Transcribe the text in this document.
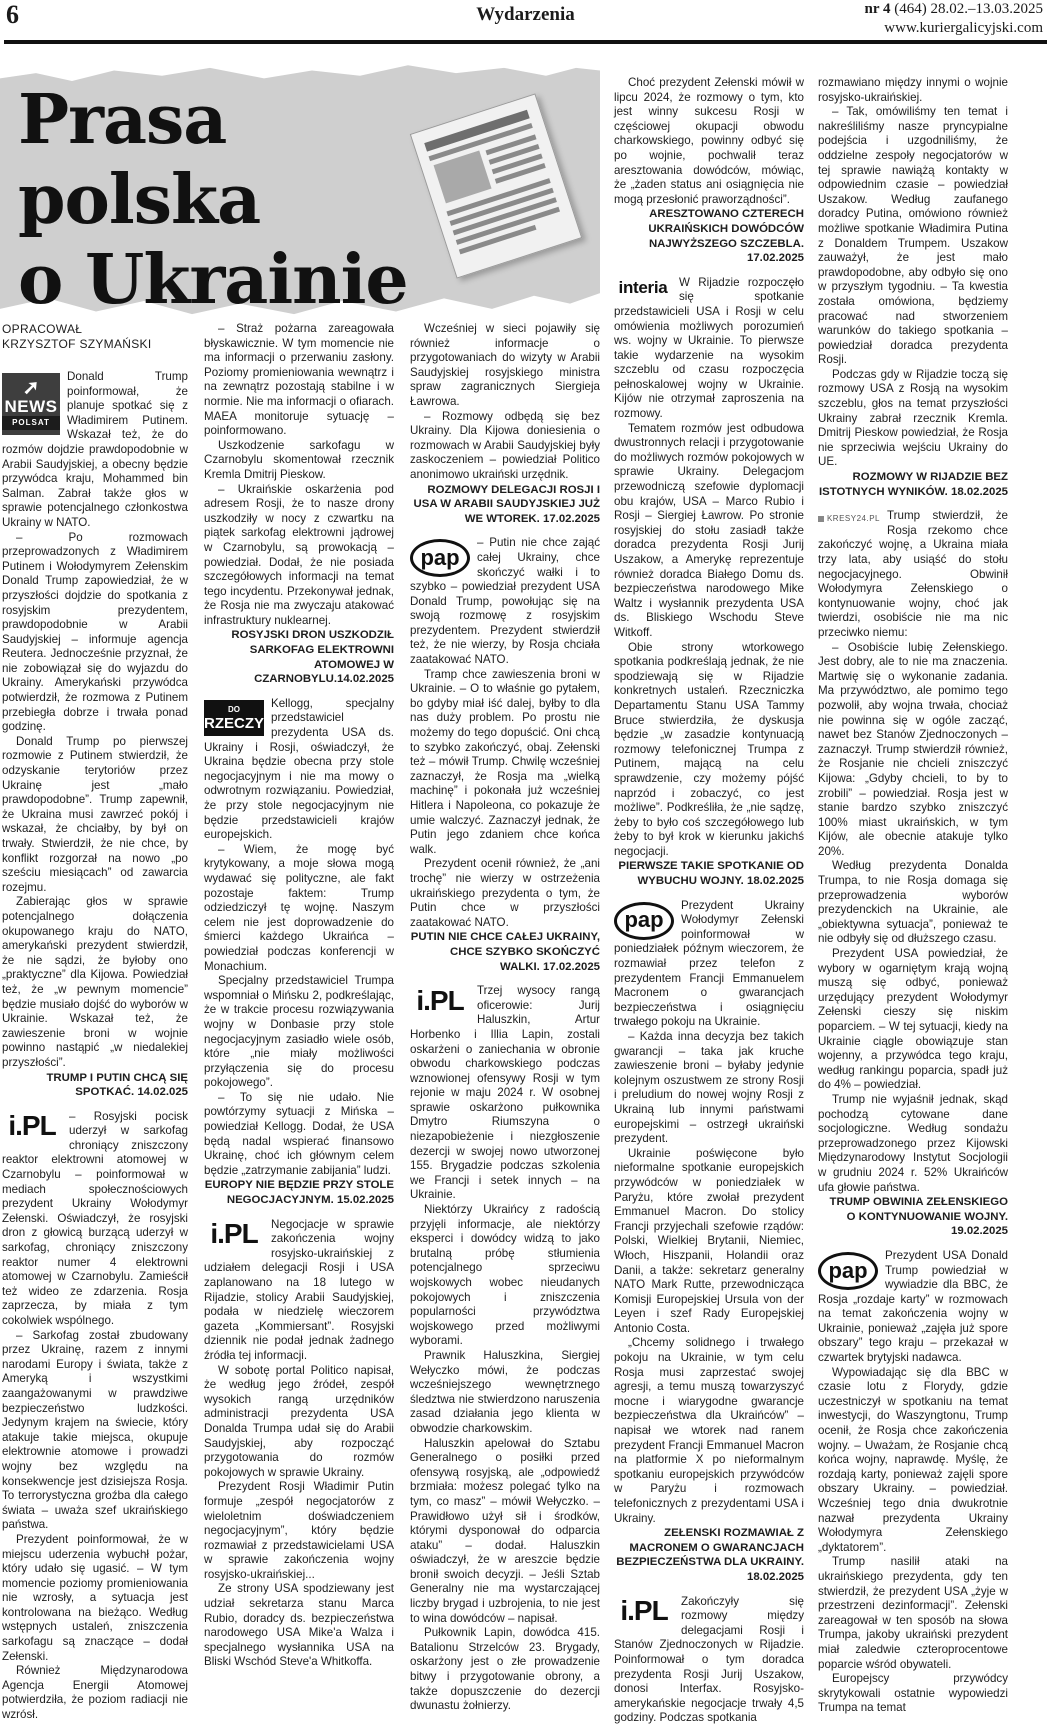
6	Wydarzenia	nr 4 (464) 28.02.–13.03.2025
www.kuriergalicyjski.com
Prasa polska
o Ukrainie

OPRACOWAŁ

KRZYSZTOF SZYMAŃSKI

➚
NEWS
POLSAT
Donald Trump poinformował, że planuje spotkać się z Władimirem Putinem. Wskazał też, że do rozmów dojdzie prawdopodobnie w Arabii Saudyjskiej, a obecny będzie przywódca kraju, Mohammed bin Salman. Zabrał także głos w sprawie potencjalnego członkostwa Ukrainy w NATO.

– Po rozmowach przeprowadzonych z Władimirem Putinem i Wołodymyrem Zełenskim Donald Trump zapowiedział, że w przyszłości dojdzie do spotkania z rosyjskim prezydentem, prawdopodobnie w Arabii Saudyjskiej – informuje agencja Reutera. Jednocześnie przyznał, że nie zobowiązał się do wyjazdu do Ukrainy. Amerykański przywódca potwierdził, że rozmowa z Putinem przebiegła dobrze i trwała ponad godzinę.

Donald Trump po pierwszej rozmowie z Putinem stwierdził, że odzyskanie terytoriów przez Ukrainę jest „mało prawdopodobne”. Trump zapewnił, że Ukraina musi zawrzeć pokój i wskazał, że chciałby, by był on trwały. Stwierdził, że nie chce, by konflikt rozgorzał na nowo „po sześciu miesiącach” od zawarcia rozejmu.

Zabierając głos w sprawie potencjalnego dołączenia okupowanego kraju do NATO, amerykański prezydent stwierdził, że nie sądzi, że byłoby ono „praktyczne” dla Kijowa. Powiedział też, że „w pewnym momencie” będzie musiało dojść do wyborów w Ukrainie. Wskazał też, że zawieszenie broni w wojnie powinno nastąpić „w niedalekiej przyszłości”.

TRUMP I PUTIN CHCĄ SIĘ SPOTKAĆ. 14.02.025

i.PL	– Rosyjski pocisk uderzył w sarkofag chroniący zniszczony reaktor elektrowni atomowej w Czarnobylu – poinformował w mediach społecznościowych prezydent Ukrainy Wołodymyr Zełenski. Oświadczył, że rosyjski dron z głowicą burzącą uderzył w sarkofag, chroniący zniszczony reaktor numer 4 elektrowni atomowej w Czarnobylu. Zamieścił też wideo ze zdarzenia. Rosja zaprzecza, by miała z tym cokolwiek wspólnego.

– Sarkofag został zbudowany przez Ukrainę, razem z innymi narodami Europy i świata, także z Ameryką i wszystkimi zaangażowanymi w prawdziwe bezpieczeństwo ludzkości. Jedynym krajem na świecie, który atakuje takie miejsca, okupuje elektrownie atomowe i prowadzi wojny bez względu na konsekwencje jest dzisiejsza Rosja. To terrorystyczna groźba dla całego świata – uważa szef ukraińskiego państwa.

Prezydent poinformował, że w miejscu uderzenia wybuchł pożar, który udało się ugasić. – W tym momencie poziomy promieniowania nie wzrosły, a sytuacja jest kontrolowana na bieżąco. Według wstępnych ustaleń, zniszczenia sarkofagu są znaczące – dodał Zełenski.

Również Międzynarodowa Agencja Energii Atomowej potwierdziła, że poziom radiacji nie wzrósł.

– Straż pożarna zareagowała błyskawicznie. W tym momencie nie ma informacji o przerwaniu zasłony. Poziomy promieniowania wewnątrz i na zewnątrz pozostają stabilne i w normie. Nie ma informacji o ofiarach. MAEA monitoruje sytuację – poinformowano.

Uszkodzenie sarkofagu w Czarnobylu skomentował rzecznik Kremla Dmitrij Pieskow.

– Ukraińskie oskarżenia pod adresem Rosji, że to nasze drony uszkodziły w nocy z czwartku na piątek sarkofag elektrowni jądrowej w Czarnobylu, są prowokacją – powiedział. Dodał, że nie posiada szczegółowych informacji na temat tego incydentu. Przekonywał jednak, że Rosja nie ma zwyczaju atakować infrastruktury nuklearnej.

ROSYJSKI DRON USZKODZIŁ SARKOFAG ELEKTROWNI ATOMOWEJ W CZARNOBYLU.14.02.2025

DO
RZECZY
Kellogg, specjalny przedstawiciel prezydenta USA ds. Ukrainy i Rosji, oświadczył, że Ukraina będzie obecna przy stole negocjacyjnym i nie ma mowy o odwrotnym rozwiązaniu. Powiedział, że przy stole negocjacyjnym nie będzie przedstawicieli krajów europejskich.

– Wiem, że mogę być krytykowany, a moje słowa mogą wydawać się polityczne, ale fakt pozostaje faktem: Trump odziedziczył tę wojnę. Naszym celem nie jest doprowadzenie do śmierci każdego Ukraińca – powiedział podczas konferencji w Monachium.

Specjalny przedstawiciel Trumpa wspomniał o Mińsku 2, podkreślając, że w trakcie procesu rozwiązywania wojny w Donbasie przy stole negocjacyjnym zasiadło wiele osób, które „nie miały możliwości przyłączenia się do procesu pokojowego”.

– To się nie udało. Nie powtórzymy sytuacji z Mińska – powiedział Kellogg. Dodał, że USA będą nadal wspierać finansowo Ukrainę, choć ich głównym celem będzie „zatrzymanie zabijania” ludzi.

EUROPY NIE BĘDZIE PRZY STOLE NEGOCJACYJNYM. 15.02.2025

i.PL	Negocjacje w sprawie zakończenia wojny rosyjsko-ukraińskiej z udziałem delegacji Rosji i USA zaplanowano na 18 lutego w Rijadzie, stolicy Arabii Saudyjskiej, podała w niedzielę wieczorem gazeta „Kommiersant”. Rosyjski dziennik nie podał jednak żadnego źródła tej informacji.

W sobotę portal Politico napisał, że według jego źródeł, zespół wysokich rangą urzędników administracji prezydenta USA Donalda Trumpa udał się do Arabii Saudyjskiej, aby rozpocząć przygotowania do rozmów pokojowych w sprawie Ukrainy.

Prezydent Rosji Władimir Putin formuje „zespół negocjatorów z wieloletnim doświadczeniem negocjacyjnym”, który będzie rozmawiał z przedstawicielami USA w sprawie zakończenia wojny rosyjsko-ukraińskiej...

Ze strony USA spodziewany jest udział sekretarza stanu Marca Rubio, doradcy ds. bezpieczeństwa narodowego USA Mike'a Walza i specjalnego wysłannika USA na Bliski Wschód Steve'a Whitkoffa.

Wcześniej w sieci pojawiły się również informacje o przygotowaniach do wizyty w Arabii Saudyjskiej rosyjskiego ministra spraw zagranicznych Siergieja Ławrowa.

– Rozmowy odbędą się bez Ukrainy. Dla Kijowa doniesienia o rozmowach w Arabii Saudyjskiej były zaskoczeniem – powiedział Politico anonimowo ukraiński urzędnik.

ROZMOWY DELEGACJI ROSJI I USA W ARABII SAUDYJSKIEJ JUŻ WE WTOREK. 17.02.2025

pap
– Putin nie chce zająć całej Ukrainy, chce skończyć wałki i to szybko – powiedział prezydent USA Donald Trump, powołując się na swoją rozmowę z rosyjskim prezydentem. Prezydent stwierdził też, że nie wierzy, by Rosja chciała zaatakować NATO.

Tramp chce zawieszenia broni w Ukrainie. – O to właśnie go pytałem, bo gdyby miał iść dalej, byłby to dla nas duży problem. Po prostu nie możemy do tego dopuścić. Oni chcą to szybko zakończyć, obaj. Zełenski też – mówił Trump. Chwilę wcześniej zaznaczył, że Rosja ma „wielką machinę” i pokonała już wcześniej Hitlera i Napoleona, co pokazuje że umie walczyć. Zaznaczył jednak, że Putin jego zdaniem chce końca walk.

Prezydent ocenił również, że „ani trochę” nie wierzy w ostrzeżenia ukraińskiego prezydenta o tym, że Putin chce w przyszłości zaatakować NATO.

PUTIN NIE CHCE CAŁEJ UKRAINY, CHCE SZYBKO SKOŃCZYĆ WALKI. 17.02.2025

i.PL	Trzej wysocy rangą oficerowie: Jurij Haluszkin, Artur Horbenko i Illia Lapin, zostali oskarżeni o zaniechania w obronie obwodu charkowskiego podczas wznowionej ofensywy Rosji w tym rejonie w maju 2024 r. W osobnej sprawie oskarżono pułkownika Dmytro Riumszyna o niezapobieżenie i niezgłoszenie dezercji w swojej nowo utworzonej 155. Brygadzie podczas szkolenia we Francji i setek innych – na Ukrainie.

Niektórzy Ukraińcy z radością przyjęli informacje, ale niektórzy eksperci i dowódcy widzą to jako brutalną próbę stłumienia potencjalnego sprzeciwu wojskowych wobec nieudanych pokojowych i zniszczenia popularności przywództwa wojskowego przed możliwymi wyborami.

Prawnik Haluszkina, Siergiej Wełyczko mówi, że podczas wcześniejszego wewnętrznego śledztwa nie stwierdzono naruszenia zasad działania jego klienta w obwodzie charkowskim.

Haluszkin apelował do Sztabu Generalnego o posiłki przed ofensywą rosyjską, ale „odpowiedź brzmiała: możesz polegać tylko na tym, co masz” – mówił Wełyczko. – Prawidłowo użył sił i środków, którymi dysponował do odparcia ataku” – dodał. Haluszkin oświadczył, że w areszcie będzie bronił swoich decyzji. – Jeśli Sztab Generalny nie ma wystarczającej liczby brygad i uzbrojenia, to nie jest to wina dowódców – napisał.

Pułkownik Lapin, dowódca 415. Batalionu Strzelców 23. Brygady, oskarżony jest o złe prowadzenie bitwy i przygotowanie obrony, a także dopuszczenie do dezercji dwunastu żołnierzy.

Choć prezydent Zełenski mówił w lipcu 2024, że rozmowy o tym, kto jest winny sukcesu Rosji w częściowej okupacji obwodu charkowskiego, powinny odbyć się po wojnie, pochwalił teraz aresztowania dowódców, mówiąc, że „żaden status ani osiągnięcia nie mogą przesłonić praworządności”.

ARESZTOWANO CZTERECH UKRAIŃSKICH DOWÓDCÓW NAJWYŻSZEGO SZCZEBLA. 17.02.2025

interia W Rijadzie rozpoczęło się spotkanie przedstawicieli USA i Rosji w celu omówienia możliwych porozumień ws. wojny w Ukrainie. To pierwsze takie wydarzenie na wysokim szczeblu od czasu rozpoczęcia pełnoskalowej wojny w Ukrainie. Kijów nie otrzymał zaproszenia na rozmowy.

Tematem rozmów jest odbudowa dwustronnych relacji i przygotowanie do możliwych rozmów pokojowych w sprawie Ukrainy. Delegacjom przewodniczą szefowie dyplomacji obu krajów, USA – Marco Rubio i Rosji – Siergiej Ławrow. Po stronie rosyjskiej do stołu zasiadł także doradca prezydenta Rosji Jurij Uszakow, a Amerykę reprezentuje również doradca Białego Domu ds. bezpieczeństwa narodowego Mike Waltz i wysłannik prezydenta USA ds. Bliskiego Wschodu Steve Witkoff.

Obie strony wtorkowego spotkania podkreślają jednak, że nie spodziewają się w Rijadzie konkretnych ustaleń. Rzeczniczka Departamentu Stanu USA Tammy Bruce stwierdziła, że dyskusja będzie „w zasadzie kontynuacją rozmowy telefonicznej Trumpa z Putinem, mającą na celu sprawdzenie, czy możemy pójść naprzód i zobaczyć, co jest możliwe”. Podkreśliła, że „nie sądzę, żeby to było coś szczegółowego lub żeby to był krok w kierunku jakichś negocjacji.

PIERWSZE TAKIE SPOTKANIE OD WYBUCHU WOJNY. 18.02.2025

pap
Prezydent Ukrainy Wołodymyr Zełenski poinformował w poniedziałek późnym wieczorem, że rozmawiał przez telefon z prezydentem Francji Emmanuelem Macronem o gwarancjach bezpieczeństwa i osiągnięciu trwałego pokoju na Ukrainie.

– Każda inna decyzja bez takich gwarancji – taka jak kruche zawieszenie broni – byłaby jedynie kolejnym oszustwem ze strony Rosji i preludium do nowej wojny Rosji z Ukrainą lub innymi państwami europejskimi – ostrzegł ukraiński prezydent.

Ukrainie poświęcone było nieformalne spotkanie europejskich przywódców w poniedziałek w Paryżu, które zwołał prezydent Emmanuel Macron. Do stolicy Francji przyjechali szefowie rządów: Polski, Wielkiej Brytanii, Niemiec, Włoch, Hiszpanii, Holandii oraz Danii, a także: sekretarz generalny NATO Mark Rutte, przewodnicząca Komisji Europejskiej Ursula von der Leyen i szef Rady Europejskiej Antonio Costa.

„Chcemy solidnego i trwałego pokoju na Ukrainie, w tym celu Rosja musi zaprzestać swojej agresji, a temu muszą towarzyszyć mocne i wiarygodne gwarancje bezpieczeństwa dla Ukraińców” – napisał we wtorek nad ranem prezydent Francji Emmanuel Macron na platformie X po nieformalnym spotkaniu europejskich przywódców w Paryżu i rozmowach telefonicznych z prezydentami USA i Ukrainy.

ZEŁENSKI ROZMAWIAŁ Z MACRONEM O GWARANCJACH BEZPIECZEŃSTWA DLA UKRAINY. 18.02.2025

i.PL	Zakończyły się rozmowy między delegacjami Rosji i Stanów Zjednoczonych w Rijadzie. Poinformował o tym doradca prezydenta Rosji Jurij Uszakow, donosi Interfax. Rosyjsko-amerykańskie negocjacje trwały 4,5 godziny. Podczas spotkania

rozmawiano między innymi o wojnie rosyjsko-ukraińskiej.

– Tak, omówiliśmy ten temat i nakreśliliśmy nasze pryncypialne podejścia i uzgodniliśmy, że oddzielne zespoły negocjatorów w tej sprawie nawiążą kontakty w odpowiednim czasie – powiedział Uszakow. Według zaufanego doradcy Putina, omówiono również możliwe spotkanie Władimira Putina z Donaldem Trumpem. Uszakow zauważył, że jest mało prawdopodobne, aby odbyło się ono w przyszłym tygodniu. – Ta kwestia została omówiona, będziemy pracować nad stworzeniem warunków do takiego spotkania – powiedział doradca prezydenta Rosji.

Podczas gdy w Rijadzie toczą się rozmowy USA z Rosją na wysokim szczeblu, głos na temat przyszłości Ukrainy zabrał rzecznik Kremla. Dmitrij Pieskow powiedział, że Rosja nie sprzeciwia wejściu Ukrainy do UE.

ROZMOWY W RIJADZIE BEZ ISTOTNYCH WYNIKÓW. 18.02.2025

KRESY24.PL Trump stwierdził, że Rosja rzekomo chce zakończyć wojnę, a Ukraina miała trzy lata, aby usiąść do stołu negocjacyjnego. Obwinił Wołodymyra Zełenskiego o kontynuowanie wojny, choć jak twierdzi, osobiście nie ma nic przeciwko niemu:

– Osobiście lubię Zełenskiego. Jest dobry, ale to nie ma znaczenia. Martwię się o wykonanie zadania. Ma przywództwo, ale pomimo tego pozwolił, aby wojna trwała, chociaż nie powinna się w ogóle zacząć, nawet bez Stanów Zjednoczonych – zaznaczył. Trump stwierdził również, że Rosjanie nie chcieli zniszczyć Kijowa: „Gdyby chcieli, to by to zrobili” – powiedział. Rosja jest w stanie bardzo szybko zniszczyć 100% miast ukraińskich, w tym Kijów, ale obecnie atakuje tylko 20%.

Według prezydenta Donalda Trumpa, to nie Rosja domaga się przeprowadzenia wyborów prezydenckich na Ukrainie, ale „obiektywna sytuacja”, ponieważ te nie odbyły się od dłuższego czasu.

Prezydent USA powiedział, że wybory w ogarniętym krają wojną muszą się odbyć, ponieważ urzędujący prezydent Wołodymyr Zełenski cieszy się niskim poparciem. – W tej sytuacji, kiedy na Ukrainie ciągle obowiązuje stan wojenny, a przywódca tego kraju, według rankingu poparcia, spadł już do 4% – powiedział.

Trump nie wyjaśnił jednak, skąd pochodzą cytowane dane socjologiczne. Według sondażu przeprowadzonego przez Kijowski Międzynarodowy Instytut Socjologii w grudniu 2024 r. 52% Ukraińców ufa głowie państwa.

TRUMP OBWINIA ZEŁENSKIEGO O KONTYNUOWANIE WOJNY. 19.02.2025

pap
Prezydent USA Donald Trump powiedział w wywiadzie dla BBC, że Rosja „rozdaje karty” w rozmowach na temat zakończenia wojny w Ukrainie, ponieważ „zajęła już spore obszary” tego kraju – przekazał w czwartek brytyjski nadawca.

Wypowiadając się dla BBC w czasie lotu z Florydy, gdzie uczestniczył w spotkaniu na temat inwestycji, do Waszyngtonu, Trump ocenił, że Rosja chce zakończenia wojny. – Uważam, że Rosjanie chcą końca wojny, naprawdę. Myślę, że rozdają karty, ponieważ zajęli spore obszary Ukrainy. – powiedział. Wcześniej tego dnia dwukrotnie nazwał prezydenta Ukrainy Wołodymyra Zełenskiego „dyktatorem”.

Trump nasilił ataki na ukraińskiego prezydenta, gdy ten stwierdził, że prezydent USA „żyje w przestrzeni dezinformacji”. Zełenski zareagował w ten sposób na słowa Trumpa, jakoby ukraiński prezydent miał zaledwie czteroprocentowe poparcie wśród obywateli.

Europejscy przywódcy skrytykowali ostatnie wypowiedzi Trumpa na temat
